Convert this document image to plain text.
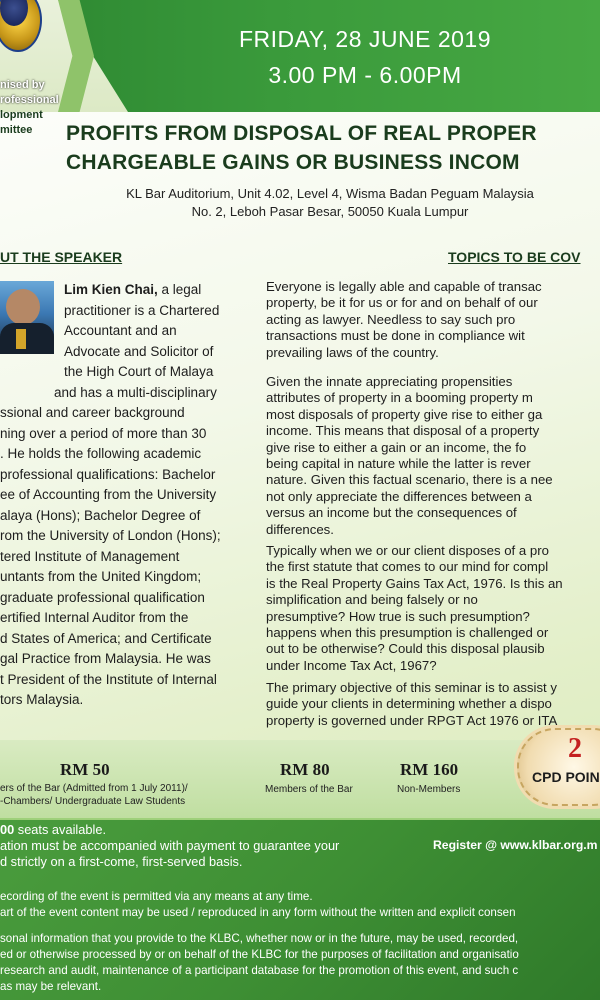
nised by
rofessional
lopment
mittee
FRIDAY, 28 JUNE 2019
3.00 PM - 6.00PM
PROFITS FROM DISPOSAL OF REAL PROPER
CHARGEABLE GAINS OR BUSINESS INCOM
KL Bar Auditorium, Unit 4.02, Level 4, Wisma Badan Peguam Malaysia
No. 2, Leboh Pasar Besar, 50050 Kuala Lumpur
UT THE SPEAKER	TOPICS TO BE COV
Lim Kien Chai, a legal
practitioner is a Chartered
Accountant and an
Advocate and Solicitor of
the High Court of Malaya
and has a multi-disciplinary
ssional and career background
ning over a period of more than 30
. He holds the following academic
professional qualifications: Bachelor
ee of Accounting from the University
alaya (Hons); Bachelor Degree of
rom the University of London (Hons);
tered Institute of Management
untants from the United Kingdom;
graduate professional qualification
ertified Internal Auditor from the
d States of America; and Certificate
gal Practice from Malaysia. He was
t President of the Institute of Internal
tors Malaysia.
Everyone is legally able and capable of transac
property, be it for us or for and on behalf of our
acting as lawyer. Needless to say such pro
transactions must be done in compliance wit
prevailing laws of the country.
Given the innate appreciating propensities
attributes of property in a booming property m
most disposals of property give rise to either ga
income. This means that disposal of a property
give rise to either a gain or an income, the fo
being capital in nature while the latter is rever
nature. Given this factual scenario, there is a nee
not only appreciate the differences between a
versus an income but the consequences of
differences.
Typically when we or our client disposes of a pro
the first statute that comes to our mind for compl
is the Real Property Gains Tax Act, 1976. Is this an
simplification and being falsely or no
presumptive? How true is such presumption?
happens when this presumption is challenged or
out to be otherwise? Could this disposal plausib
under Income Tax Act, 1967?
The primary objective of this seminar is to assist y
guide your clients in determining whether a dispo
property is governed under RPGT Act 1976 or ITA
RM 50
ers of the Bar (Admitted from 1 July 2011)/
-Chambers/ Undergraduate Law Students
RM 80
Members of the Bar
RM 160
Non-Members
2
CPD POIN
00 seats available.
ation must be accompanied with payment to guarantee your
d strictly on a first-come, first-served basis.
Register @ www.klbar.org.m
ecording of the event is permitted via any means at any time.
art of the event content may be used / reproduced in any form without the written and explicit consen
sonal information that you provide to the KLBC, whether now or in the future, may be used, recorded,
ed or otherwise processed by or on behalf of the KLBC for the purposes of facilitation and organisatio
research and audit, maintenance of a participant database for the promotion of this event, and such c
as may be relevant.
